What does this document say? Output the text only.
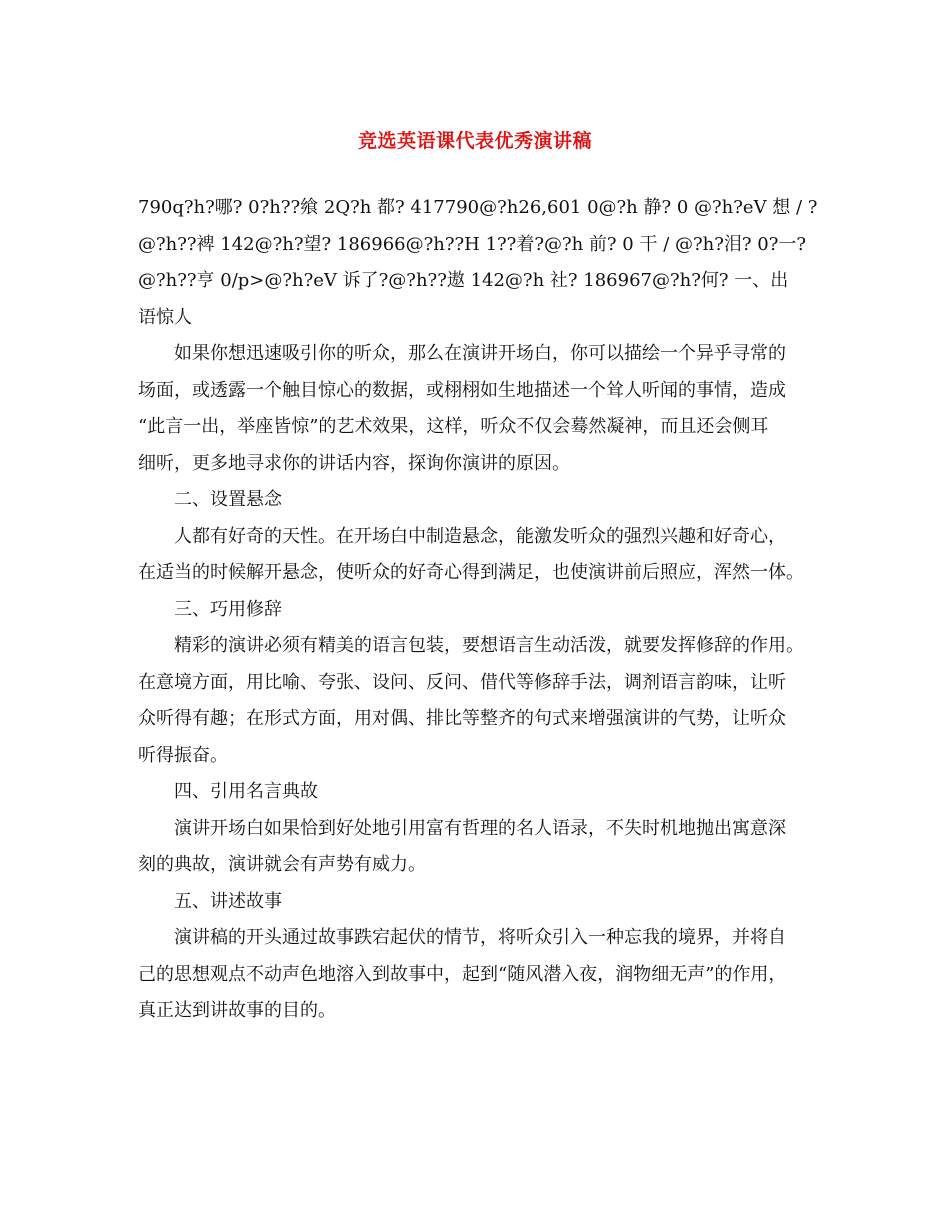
竞选英语课代表优秀演讲稿
790q?h?哪? 0?h??飨 2Q?h 都? 417790@?h26,601 0@?h 静? 0 @?h?eV 想 / ?
@?h??裨 142@?h?望? 186966@?h??H 1??着?@?h 前? 0 干 / @?h?泪? 0?一?
@?h??亨 0/p>@?h?eV 诉了?@?h??遨 142@?h 社? 186967@?h?何? 一、出
语惊人
如果你想迅速吸引你的听众，那么在演讲开场白，你可以描绘一个异乎寻常的
场面，或透露一个触目惊心的数据，或栩栩如生地描述一个耸人听闻的事情，造成
“此言一出，举座皆惊”的艺术效果，这样，听众不仅会蓦然凝神，而且还会侧耳
细听，更多地寻求你的讲话内容，探询你演讲的原因。
二、设置悬念
人都有好奇的天性。在开场白中制造悬念，能激发听众的强烈兴趣和好奇心，
在适当的时候解开悬念，使听众的好奇心得到满足，也使演讲前后照应，浑然一体。
三、巧用修辞
精彩的演讲必须有精美的语言包装，要想语言生动活泼，就要发挥修辞的作用。
在意境方面，用比喻、夸张、设问、反问、借代等修辞手法，调剂语言韵味，让听
众听得有趣；在形式方面，用对偶、排比等整齐的句式来增强演讲的气势，让听众
听得振奋。
四、引用名言典故
演讲开场白如果恰到好处地引用富有哲理的名人语录，不失时机地抛出寓意深
刻的典故，演讲就会有声势有威力。
五、讲述故事
演讲稿的开头通过故事跌宕起伏的情节，将听众引入一种忘我的境界，并将自
己的思想观点不动声色地溶入到故事中，起到“随风潜入夜，润物细无声”的作用，
真正达到讲故事的目的。
